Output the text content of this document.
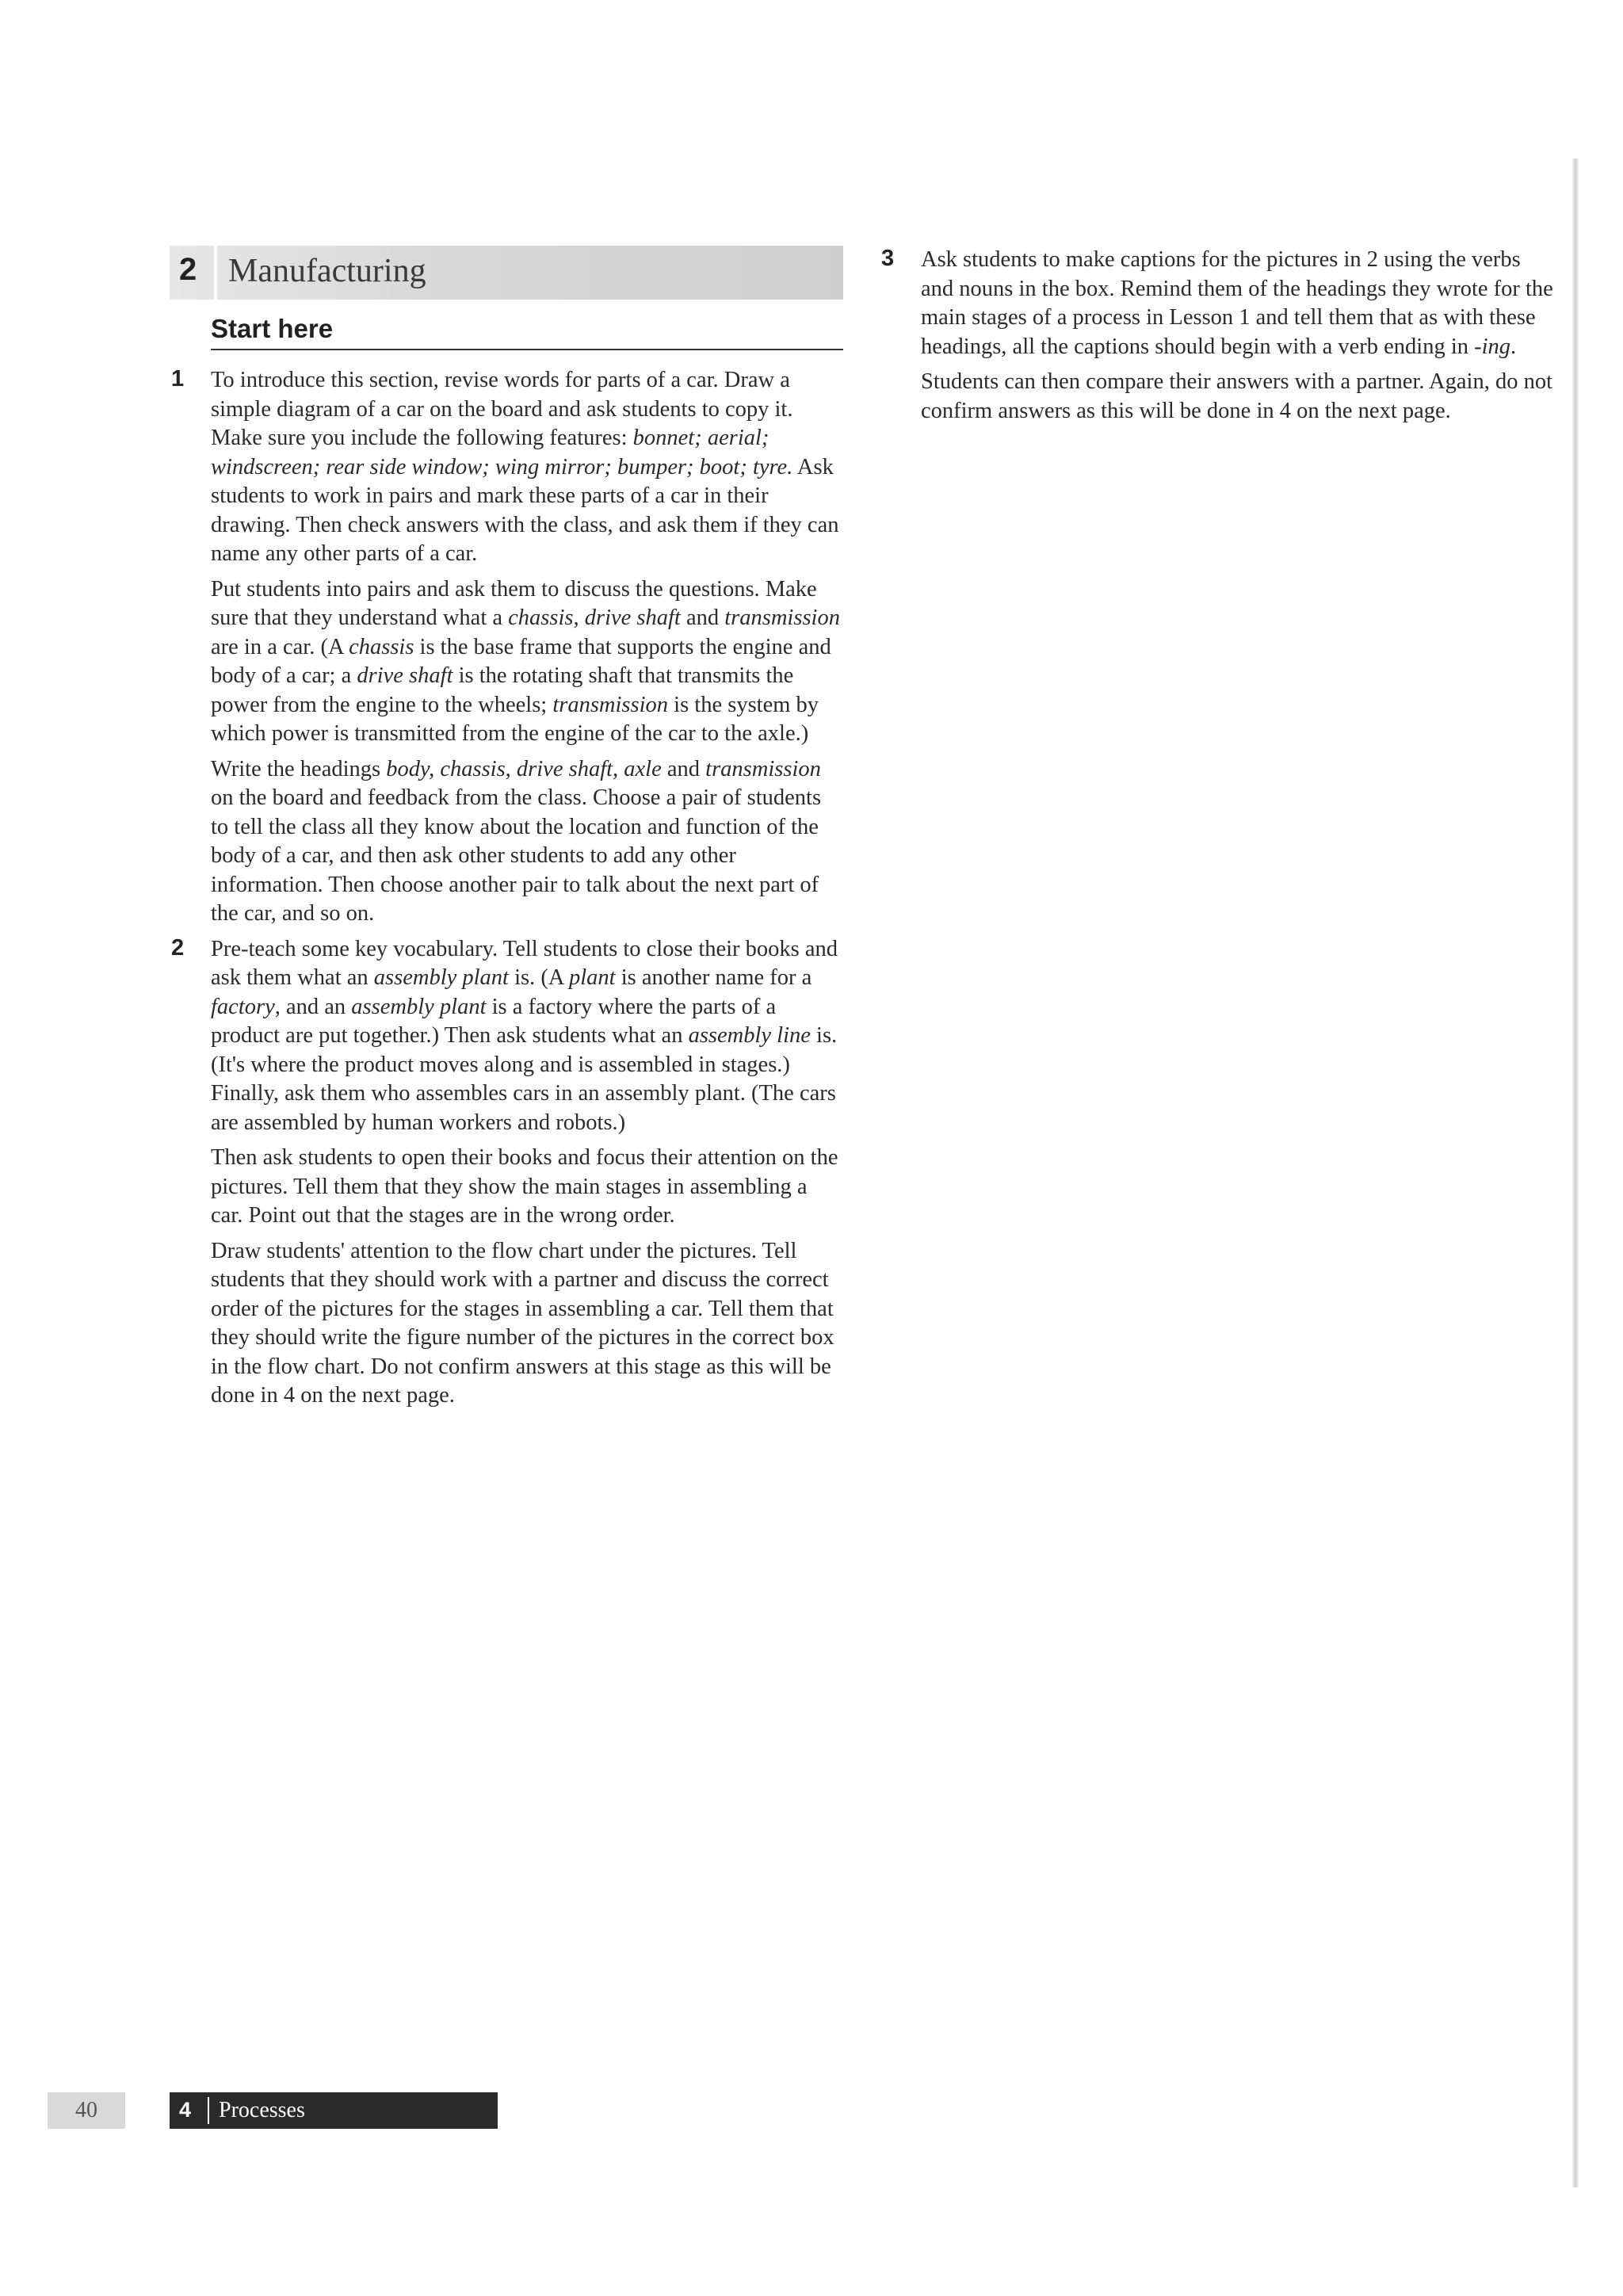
2 Manufacturing
Start here
1 To introduce this section, revise words for parts of a car. Draw a simple diagram of a car on the board and ask students to copy it. Make sure you include the following features: bonnet; aerial; windscreen; rear side window; wing mirror; bumper; boot; tyre. Ask students to work in pairs and mark these parts of a car in their drawing. Then check answers with the class, and ask them if they can name any other parts of a car.

Put students into pairs and ask them to discuss the questions. Make sure that they understand what a chassis, drive shaft and transmission are in a car. (A chassis is the base frame that supports the engine and body of a car; a drive shaft is the rotating shaft that transmits the power from the engine to the wheels; transmission is the system by which power is transmitted from the engine of the car to the axle.)

Write the headings body, chassis, drive shaft, axle and transmission on the board and feedback from the class. Choose a pair of students to tell the class all they know about the location and function of the body of a car, and then ask other students to add any other information. Then choose another pair to talk about the next part of the car, and so on.

2 Pre-teach some key vocabulary. Tell students to close their books and ask them what an assembly plant is. (A plant is another name for a factory, and an assembly plant is a factory where the parts of a product are put together.) Then ask students what an assembly line is. (It's where the product moves along and is assembled in stages.) Finally, ask them who assembles cars in an assembly plant. (The cars are assembled by human workers and robots.)

Then ask students to open their books and focus their attention on the pictures. Tell them that they show the main stages in assembling a car. Point out that the stages are in the wrong order.

Draw students' attention to the flow chart under the pictures. Tell students that they should work with a partner and discuss the correct order of the pictures for the stages in assembling a car. Tell them that they should write the figure number of the pictures in the correct box in the flow chart. Do not confirm answers at this stage as this will be done in 4 on the next page.

3 Ask students to make captions for the pictures in 2 using the verbs and nouns in the box. Remind them of the headings they wrote for the main stages of a process in Lesson 1 and tell them that as with these headings, all the captions should begin with a verb ending in -ing.

Students can then compare their answers with a partner. Again, do not confirm answers as this will be done in 4 on the next page.

40	4 Processes
